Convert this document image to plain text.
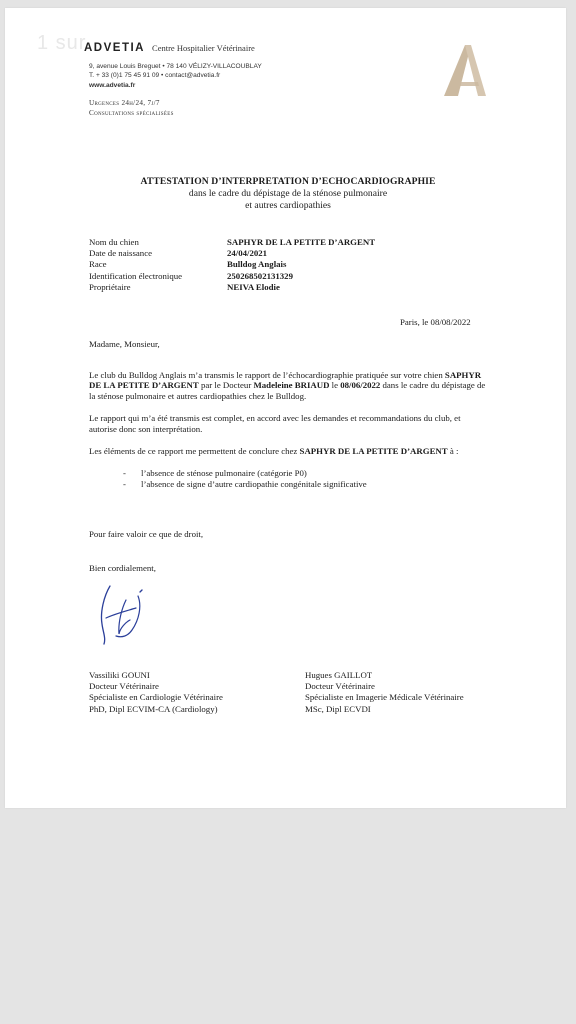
1 sur
ADVETIA Centre Hospitalier Vétérinaire
9, avenue Louis Breguet • 78 140 VÉLIZY-VILLACOUBLAY
T. + 33 (0)1 75 45 91 09 • contact@advetia.fr
www.advetia.fr
Urgences 24h/24, 7j/7
Consultations spécialisées
ATTESTATION D’INTERPRETATION D’ECHOCARDIOGRAPHIE
dans le cadre du dépistage de la sténose pulmonaire
et autres cardiopathies
Nom du chien	SAPHYR DE LA PETITE D’ARGENT
Date de naissance	24/04/2021
Race	Bulldog Anglais
Identification électronique	250268502131329
Propriétaire	NEIVA Elodie
Paris, le 08/08/2022

Madame, Monsieur,

Le club du Bulldog Anglais m’a transmis le rapport de l’échocardiographie pratiquée sur votre chien SAPHYR DE LA PETITE D’ARGENT par le Docteur Madeleine BRIAUD le 08/06/2022 dans le cadre du dépistage de la sténose pulmonaire et autres cardiopathies chez le Bulldog.

Le rapport qui m’a été transmis est complet, en accord avec les demandes et recommandations du club, et autorise donc son interprétation.

Les éléments de ce rapport me permettent de conclure chez SAPHYR DE LA PETITE D’ARGENT à :

-	l’absence de sténose pulmonaire (catégorie P0)
-	l’absence de signe d’autre cardiopathie congénitale significative
Pour faire valoir ce que de droit,
Bien cordialement,
Vassiliki GOUNI
Docteur Vétérinaire
Spécialiste en Cardiologie Vétérinaire
PhD, Dipl ECVIM-CA (Cardiology)
Hugues GAILLOT
Docteur Vétérinaire
Spécialiste en Imagerie Médicale Vétérinaire
MSc, Dipl ECVDI
